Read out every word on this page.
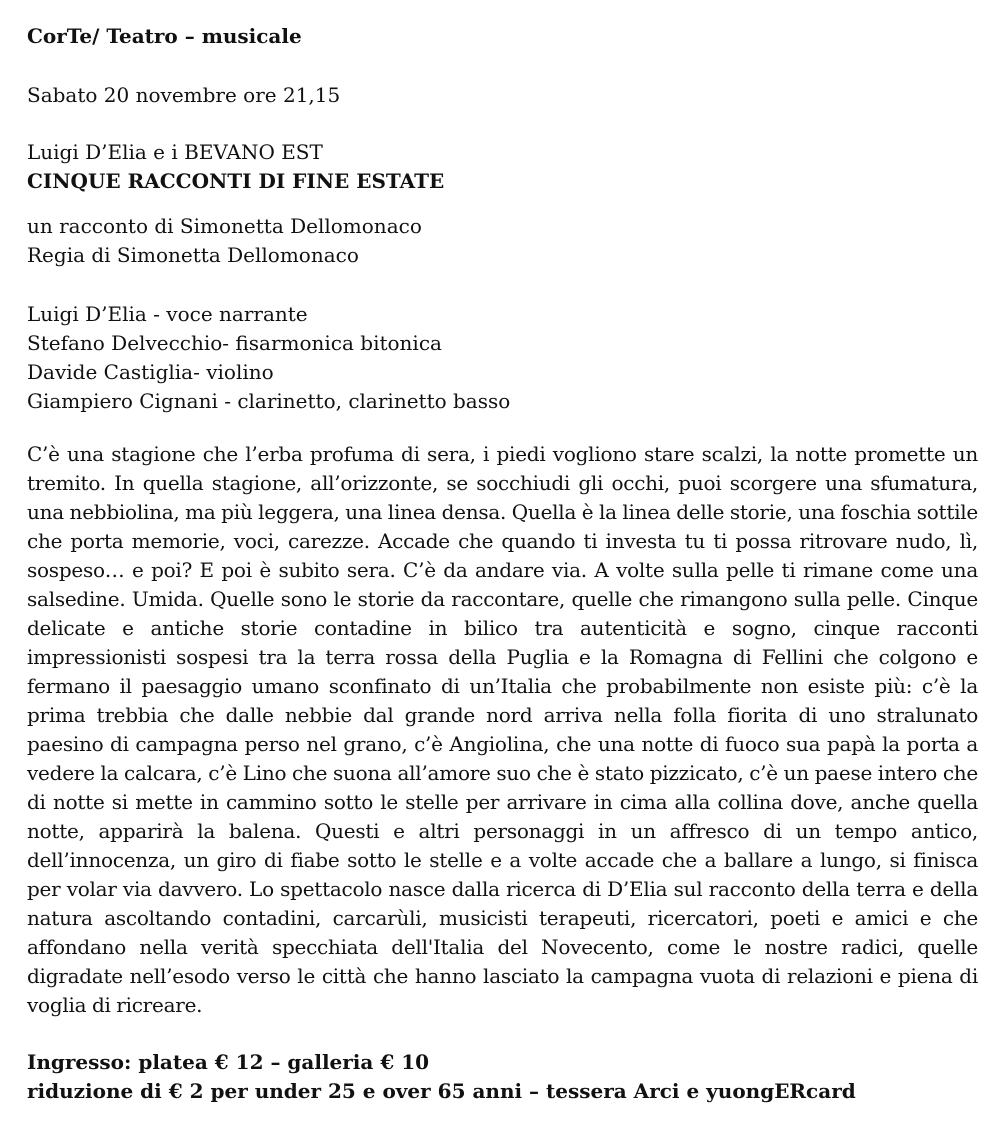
CorTe/ Teatro – musicale
Sabato 20 novembre ore 21,15
Luigi D’Elia e i BEVANO EST
CINQUE RACCONTI DI FINE ESTATE
un racconto di Simonetta Dellomonaco
Regia di Simonetta Dellomonaco
Luigi D’Elia - voce narrante
Stefano Delvecchio- fisarmonica bitonica
Davide Castiglia- violino
Giampiero Cignani - clarinetto, clarinetto basso
C’è una stagione che l’erba profuma di sera, i piedi vogliono stare scalzi, la notte promette un tremito. In quella stagione, all’orizzonte, se socchiudi gli occhi, puoi scorgere una sfumatura, una nebbiolina, ma più leggera, una linea densa. Quella è la linea delle storie, una foschia sottile che porta memorie, voci, carezze. Accade che quando ti investa tu ti possa ritrovare nudo, lì, sospeso… e poi? E poi è subito sera. C’è da andare via. A volte sulla pelle ti rimane come una salsedine. Umida. Quelle sono le storie da raccontare, quelle che rimangono sulla pelle. Cinque delicate e antiche storie contadine in bilico tra autenticità e sogno, cinque racconti impressionisti sospesi tra la terra rossa della Puglia e la Romagna di Fellini che colgono e fermano il paesaggio umano sconfinato di un’Italia che probabilmente non esiste più: c’è la prima trebbia che dalle nebbie dal grande nord arriva nella folla fiorita di uno stralunato paesino di campagna perso nel grano, c’è Angiolina, che una notte di fuoco sua papà la porta a vedere la calcara, c’è Lino che suona all’amore suo che è stato pizzicato, c’è un paese intero che di notte si mette in cammino sotto le stelle per arrivare in cima alla collina dove, anche quella notte, apparirà la balena. Questi e altri personaggi in un affresco di un tempo antico, dell’innocenza, un giro di fiabe sotto le stelle e a volte accade che a ballare a lungo, si finisca per volar via davvero. Lo spettacolo nasce dalla ricerca di D’Elia sul racconto della terra e della natura ascoltando contadini, carcarùli, musicisti terapeuti, ricercatori, poeti e amici e che affondano nella verità specchiata dell'Italia del Novecento, come le nostre radici, quelle digradate nell’esodo verso le città che hanno lasciato la campagna vuota di relazioni e piena di voglia di ricreare.
Ingresso: platea € 12 – galleria € 10
riduzione di € 2 per under 25 e over 65 anni – tessera Arci e yuongERcard
